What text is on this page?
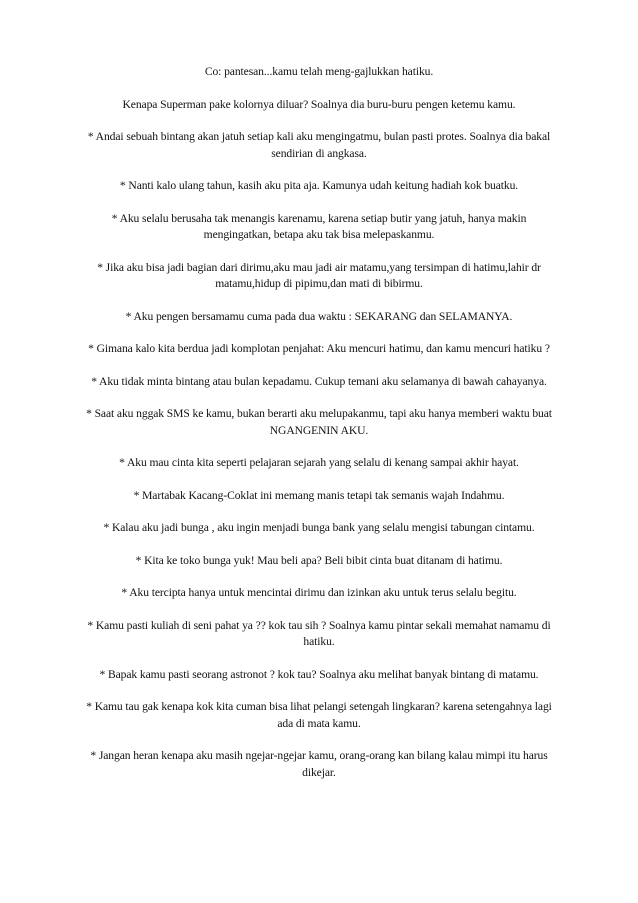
Co: pantesan...kamu telah meng-gajlukkan hatiku.

Kenapa Superman pake kolornya diluar? Soalnya dia buru-buru pengen ketemu kamu.

* Andai sebuah bintang akan jatuh setiap kali aku mengingatmu, bulan pasti protes. Soalnya dia bakal sendirian di angkasa.

* Nanti kalo ulang tahun, kasih aku pita aja. Kamunya udah keitung hadiah kok buatku.

* Aku selalu berusaha tak menangis karenamu, karena setiap butir yang jatuh, hanya makin mengingatkan, betapa aku tak bisa melepaskanmu.

* Jika aku bisa jadi bagian dari dirimu,aku mau jadi air matamu,yang tersimpan di hatimu,lahir dr matamu,hidup di pipimu,dan mati di bibirmu.

* Aku pengen bersamamu cuma pada dua waktu : SEKARANG dan SELAMANYA.

* Gimana kalo kita berdua jadi komplotan penjahat: Aku mencuri hatimu, dan kamu mencuri hatiku ?

* Aku tidak minta bintang atau bulan kepadamu. Cukup temani aku selamanya di bawah cahayanya.

* Saat aku nggak SMS ke kamu, bukan berarti aku melupakanmu, tapi aku hanya memberi waktu buat NGANGENIN AKU.

* Aku mau cinta kita seperti pelajaran sejarah yang selalu di kenang sampai akhir hayat.

* Martabak Kacang-Coklat ini memang manis tetapi tak semanis wajah Indahmu.

* Kalau aku jadi bunga , aku ingin menjadi bunga bank yang selalu mengisi tabungan cintamu.

* Kita ke toko bunga yuk! Mau beli apa? Beli bibit cinta buat ditanam di hatimu.

* Aku tercipta hanya untuk mencintai dirimu dan izinkan aku untuk terus selalu begitu.

* Kamu pasti kuliah di seni pahat ya ?? kok tau sih ? Soalnya kamu pintar sekali memahat namamu di hatiku.

* Bapak kamu pasti seorang astronot ? kok tau? Soalnya aku melihat banyak bintang di matamu.

* Kamu tau gak kenapa kok kita cuman bisa lihat pelangi setengah lingkaran? karena setengahnya lagi ada di mata kamu.

* Jangan heran kenapa aku masih ngejar-ngejar kamu, orang-orang kan bilang kalau mimpi itu harus dikejar.
